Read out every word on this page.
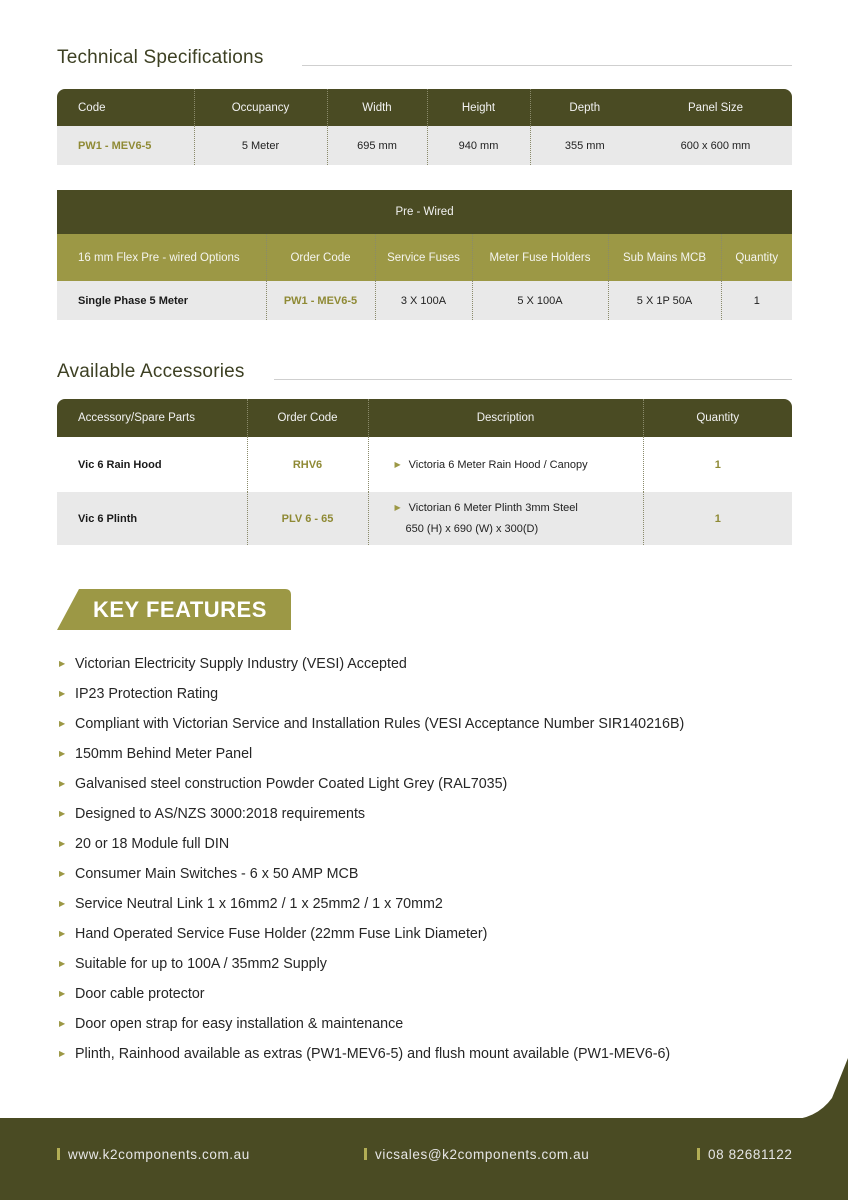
Technical Specifications
Code	Occupancy	Width	Height	Depth	Panel Size
PW1 - MEV6-5	5 Meter	695 mm	940 mm	355 mm	600 x 600 mm
Pre - Wired					
16 mm Flex Pre - wired Options	Order Code	Service Fuses	Meter Fuse Holders	Sub Mains MCB	Quantity
Single Phase 5 Meter	PW1 - MEV6-5	3 X 100A	5 X 100A	5 X 1P 50A	1
Available Accessories
Accessory/Spare Parts	Order Code	Description	Quantity
Vic 6 Rain Hood	RHV6	▶ Victoria 6 Meter Rain Hood / Canopy	1
Vic 6 Plinth	PLV 6 - 65	▶ Victorian 6 Meter Plinth 3mm Steel
650 (H) x 690 (W) x 300(D)	1
KEY FEATURES
▶ Victorian Electricity Supply Industry (VESI) Accepted
▶ IP23 Protection Rating
▶ Compliant with Victorian Service and Installation Rules (VESI Acceptance Number SIR140216B)
▶ 150mm Behind Meter Panel
▶ Galvanised steel construction Powder Coated Light Grey (RAL7035)
▶ Designed to AS/NZS 3000:2018 requirements
▶ 20 or 18 Module full DIN
▶ Consumer Main Switches - 6 x 50 AMP MCB
▶ Service Neutral Link 1 x 16mm2 / 1 x 25mm2 / 1 x 70mm2
▶ Hand Operated Service Fuse Holder (22mm Fuse Link Diameter)
▶ Suitable for up to 100A / 35mm2 Supply
▶ Door cable protector
▶ Door open strap for easy installation & maintenance
▶ Plinth, Rainhood available as extras (PW1-MEV6-5) and flush mount available (PW1-MEV6-6)
www.k2components.com.au	vicsales@k2components.com.au	08 82681122
